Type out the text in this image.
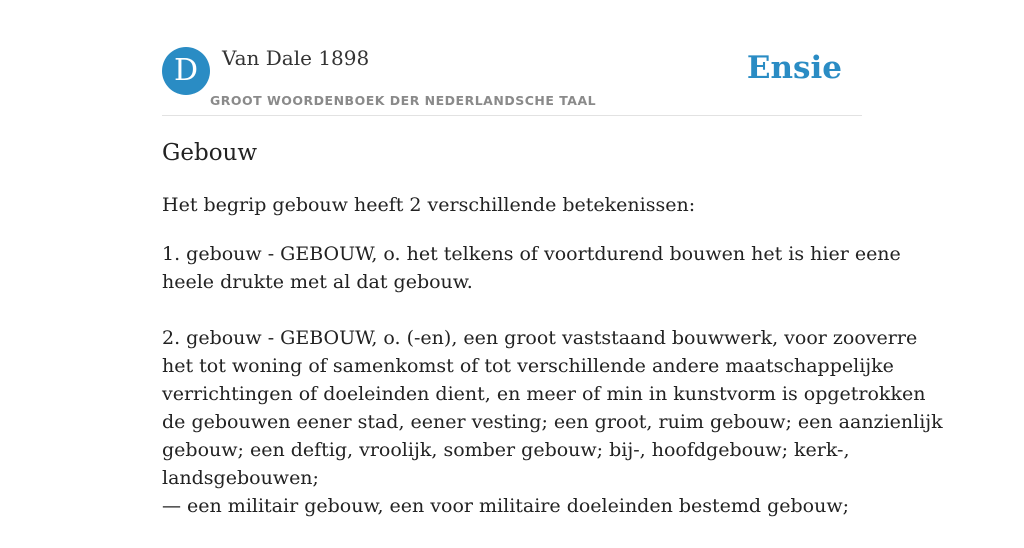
D	Van Dale 1898
GROOT WOORDENBOEK DER NEDERLANDSCHE TAAL
Ensie
Gebouw

Het begrip gebouw heeft 2 verschillende betekenissen:

1. gebouw - GEBOUW, o. het telkens of voortdurend bouwen het is hier eene
heele drukte met al dat gebouw.

2. gebouw - GEBOUW, o. (-en), een groot vaststaand bouwwerk, voor zooverre
het tot woning of samenkomst of tot verschillende andere maatschappelijke
verrichtingen of doeleinden dient, en meer of min in kunstvorm is opgetrokken
de gebouwen eener stad, eener vesting; een groot, ruim gebouw; een aanzienlijk
gebouw; een deftig, vroolijk, somber gebouw; bij-, hoofdgebouw; kerk-,
landsgebouwen;
— een militair gebouw, een voor militaire doeleinden bestemd gebouw;
